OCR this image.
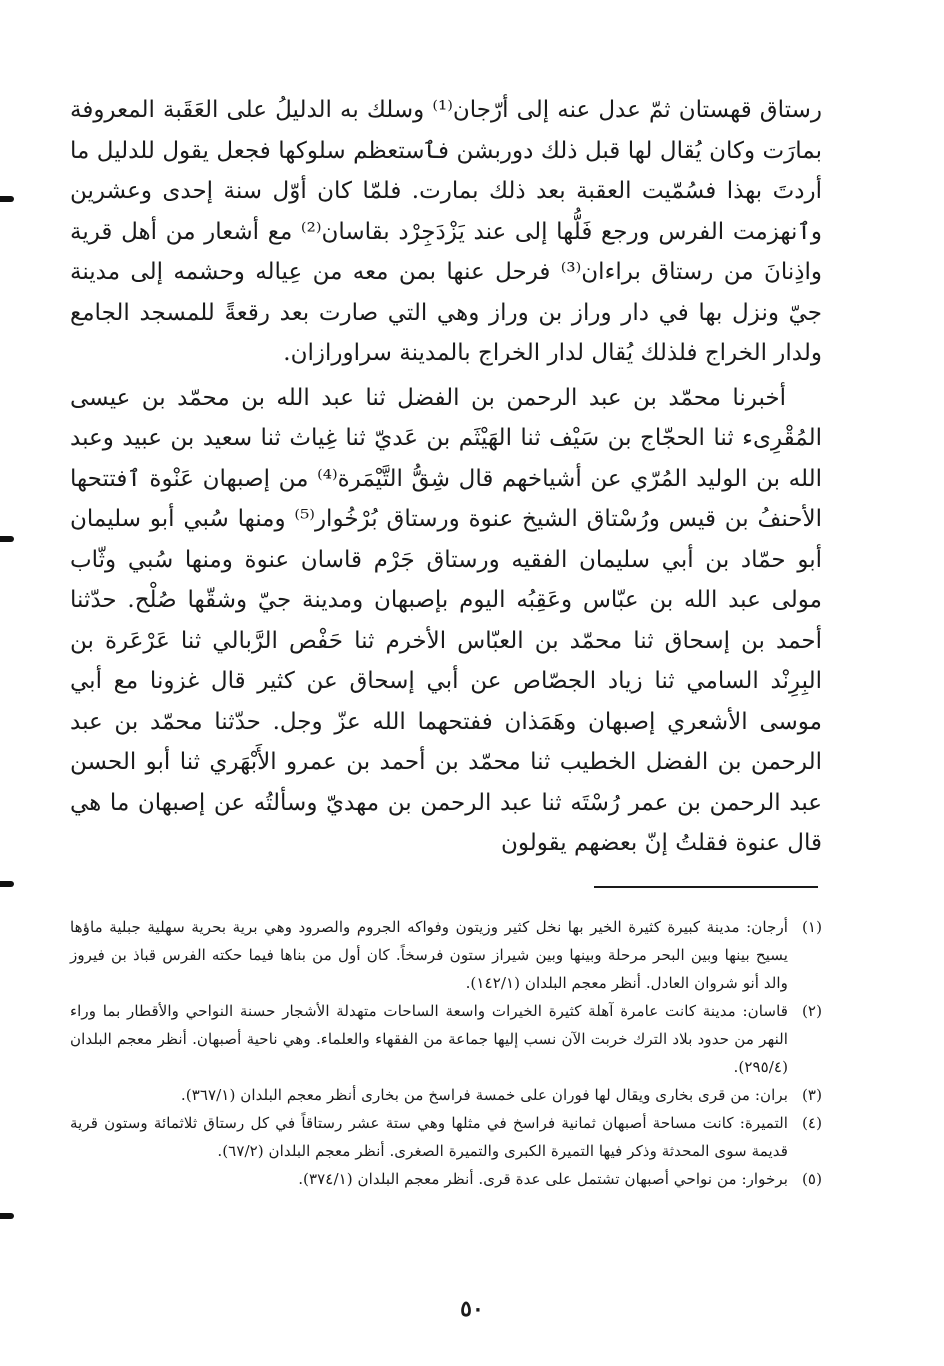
رستاق قهستان ثمّ عدل عنه إلى أرّجان⁽¹⁾ وسلك به الدليلُ على العَقَبة المعروفة بمارَت وكان يُقال لها قبل ذلك دوربشن فٱستعظم سلوكها فجعل يقول للدليل ما أردتَ بهذا فسُمّيت العقبة بعد ذلك بمارت. فلمّا كان أوّل سنة إحدى وعشرين وٱنهزمت الفرس ورجع فَلُّها إلى عند يَزْدَجِرْد بقاسان⁽²⁾ مع أشعار من أهل قرية واذِنانَ من رستاق براءان⁽³⁾ فرحل عنها بمن معه من عِياله وحشمه إلى مدينة جيّ ونزل بها في دار وراز بن وراز وهي التي صارت بعد رقعةً للمسجد الجامع ولدار الخراج فلذلك يُقال لدار الخراج بالمدينة سراورازان.

أخبرنا محمّد بن عبد الرحمن بن الفضل ثنا عبد الله بن محمّد بن عيسى المُقْرِىء ثنا الحجّاج بن سَيْف ثنا الهَيْثَم بن عَديّ ثنا غِياث ثنا سعيد بن عبيد وعبد الله بن الوليد المُرّي عن أشياخهم قال شِقُّ التَّيْمَرة⁽⁴⁾ من إصبهان عَنْوة ٱفتتحها الأحنفُ بن قيس ورُسْتاق الشيخ عنوة ورستاق بُرْخُوار⁽⁵⁾ ومنها سُبي أبو سليمان أبو حمّاد بن أبي سليمان الفقيه ورستاق جَرْم قاسان عنوة ومنها سُبي وثّاب مولى عبد الله بن عبّاس وعَقِبُه اليوم بإصبهان ومدينة جيّ وشقّها صُلْح. حدّثنا أحمد بن إسحاق ثنا محمّد بن العبّاس الأخرم ثنا حَفْص الرَّبالي ثنا عَرْعَرة بن البِرِنْد السامي ثنا زياد الجصّاص عن أبي إسحاق عن كثير قال غزونا مع أبي موسى الأشعري إصبهان وهَمَذان ففتحهما الله عزّ وجل. حدّثنا محمّد بن عبد الرحمن بن الفضل الخطيب ثنا محمّد بن أحمد بن عمرو الأَبْهَري ثنا أبو الحسن عبد الرحمن بن عمر رُسْتَه ثنا عبد الرحمن بن مهديّ وسألتُه عن إصبهان ما هي قال عنوة فقلتُ إنّ بعضهم يقولون

(١)أرجان: مدينة كبيرة كثيرة الخير بها نخل كثير وزيتون وفواكه الجروم والصرود وهي برية بحرية سهلية جبلية ماؤها يسيح بينها وبين البحر مرحلة وبينها وبين شيراز ستون فرسخاً. كان أول من بناها فيما حكته الفرس قباذ بن فيروز والد أنو شروان العادل. أنظر معجم البلدان (١٤٢/١).

(٢)قاسان: مدينة كانت عامرة آهلة كثيرة الخيرات واسعة الساحات متهدلة الأشجار حسنة النواحي والأقطار بما وراء النهر من حدود بلاد الترك خربت الآن نسب إليها جماعة من الفقهاء والعلماء. وهي ناحية أصبهان. أنظر معجم البلدان (٢٩٥/٤).

(٣)بران: من قرى بخارى ويقال لها فوران على خمسة فراسخ من بخارى أنظر معجم البلدان (٣٦٧/١).

(٤)التميرة: كانت مساحة أصبهان ثمانية فراسخ في مثلها وهي ستة عشر رستاقاً في كل رستاق ثلاثمائة وستون قرية قديمة سوى المحدثة وذكر فيها التميرة الكبرى والتميرة الصغرى. أنظر معجم البلدان (٦٧/٢).

(٥)برخوار: من نواحي أصبهان تشتمل على عدة قرى. أنظر معجم البلدان (٣٧٤/١).

٥٠
